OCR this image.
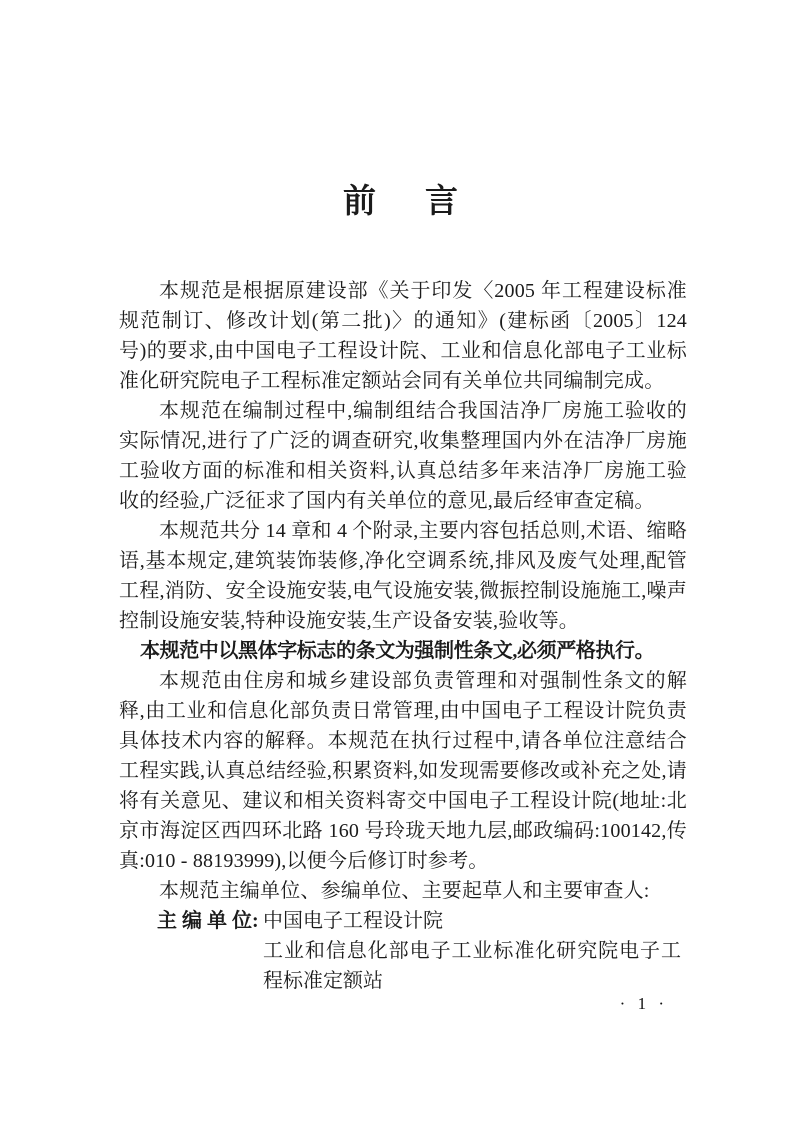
前 言

本规范是根据原建设部《关于印发〈2005 年工程建设标准规范制订、修改计划(第二批)〉的通知》(建标函〔2005〕124 号)的要求,由中国电子工程设计院、工业和信息化部电子工业标准化研究院电子工程标准定额站会同有关单位共同编制完成。

本规范在编制过程中,编制组结合我国洁净厂房施工验收的实际情况,进行了广泛的调查研究,收集整理国内外在洁净厂房施工验收方面的标准和相关资料,认真总结多年来洁净厂房施工验收的经验,广泛征求了国内有关单位的意见,最后经审查定稿。

本规范共分 14 章和 4 个附录,主要内容包括总则,术语、缩略语,基本规定,建筑装饰装修,净化空调系统,排风及废气处理,配管工程,消防、安全设施安装,电气设施安装,微振控制设施施工,噪声控制设施安装,特种设施安装,生产设备安装,验收等。

本规范中以黑体字标志的条文为强制性条文,必须严格执行。

本规范由住房和城乡建设部负责管理和对强制性条文的解释,由工业和信息化部负责日常管理,由中国电子工程设计院负责具体技术内容的解释。本规范在执行过程中,请各单位注意结合工程实践,认真总结经验,积累资料,如发现需要修改或补充之处,请将有关意见、建议和相关资料寄交中国电子工程设计院(地址:北京市海淀区西四环北路 160 号玲珑天地九层,邮政编码:100142,传真:010 - 88193999),以便今后修订时参考。

本规范主编单位、参编单位、主要起草人和主要审查人:

主 编 单 位: 中国电子工程设计院
工业和信息化部电子工业标准化研究院电子工程标准定额站
· 1 ·
